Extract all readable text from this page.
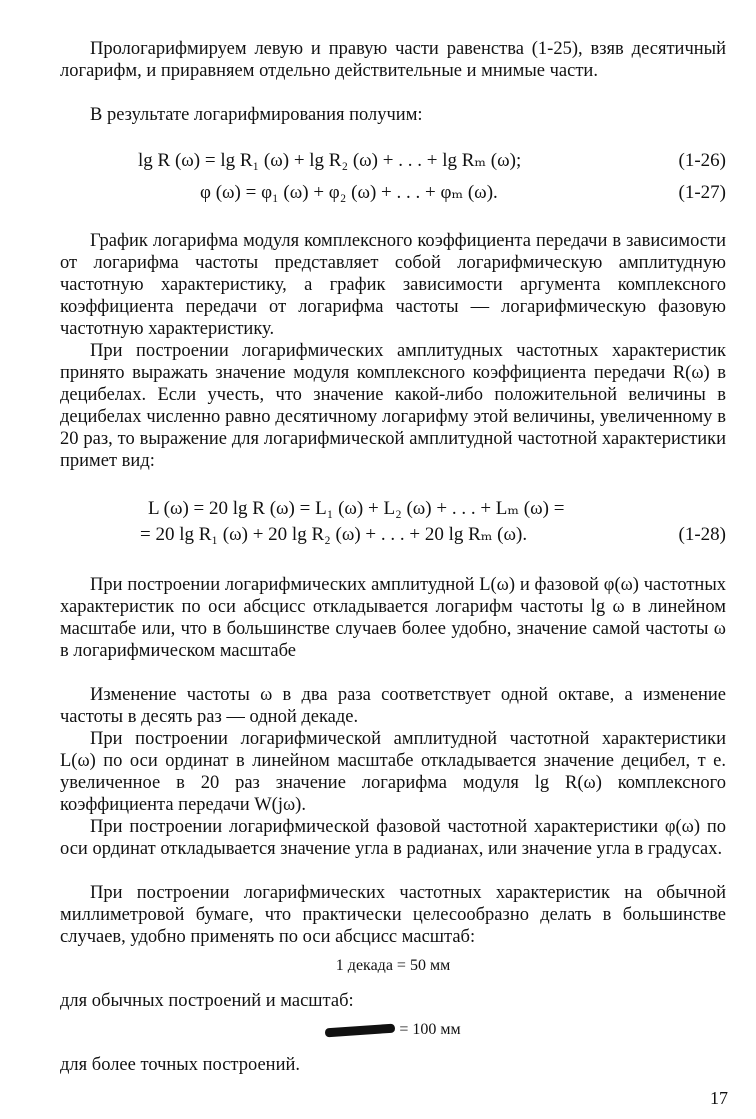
Прологарифмируем левую и правую части равенства (1-25), взяв десятичный логарифм, и приравняем отдельно действительные и мнимые части.

В результате логарифмирования получим:

lg R (ω) = lg R₁ (ω) + lg R₂ (ω) + . . . + lg Rₘ (ω);	(1-26)
φ (ω) = φ₁ (ω) + φ₂ (ω) + . . . + φₘ (ω).	(1-27)

График логарифма модуля комплексного коэффициента передачи в зависимости от логарифма частоты представляет собой логарифмическую амплитудную частотную характеристику, а график зависимости аргумента комплексного коэффициента передачи от логарифма частоты — логарифмическую фазовую частотную характеристику.

При построении логарифмических амплитудных частотных характеристик принято выражать значение модуля комплексного коэффициента передачи R(ω) в децибелах. Если учесть, что значение какой-либо положительной величины в децибелах численно равно десятичному логарифму этой величины, увеличенному в 20 раз, то выражение для логарифмической амплитудной частотной характеристики примет вид:

L (ω) = 20 lg R (ω) = L₁ (ω) + L₂ (ω) + . . . + Lₘ (ω) =
= 20 lg R₁ (ω) + 20 lg R₂ (ω) + . . . + 20 lg Rₘ (ω).	(1-28)

При построении логарифмических амплитудной L(ω) и фазовой φ(ω) частотных характеристик по оси абсцисс откладывается логарифм частоты lg ω в линейном масштабе или, что в большинстве случаев более удобно, значение самой частоты ω в логарифмическом масштабе

Изменение частоты ω в два раза соответствует одной октаве, а изменение частоты в десять раз — одной декаде.

При построении логарифмической амплитудной частотной характеристики L(ω) по оси ординат в линейном масштабе откладывается значение децибел, т е. увеличенное в 20 раз значение логарифма модуля lg R(ω) комплексного коэффициента передачи W(jω).

При построении логарифмической фазовой частотной характеристики φ(ω) по оси ординат откладывается значение угла в радианах, или значение угла в градусах.

При построении логарифмических частотных характеристик на обычной миллиметровой бумаге, что практически целесообразно делать в большинстве случаев, удобно применять по оси абсцисс масштаб:

1 декада = 50 мм

для обычных построений и масштаб:

= 100 мм

для более точных построений.

17
